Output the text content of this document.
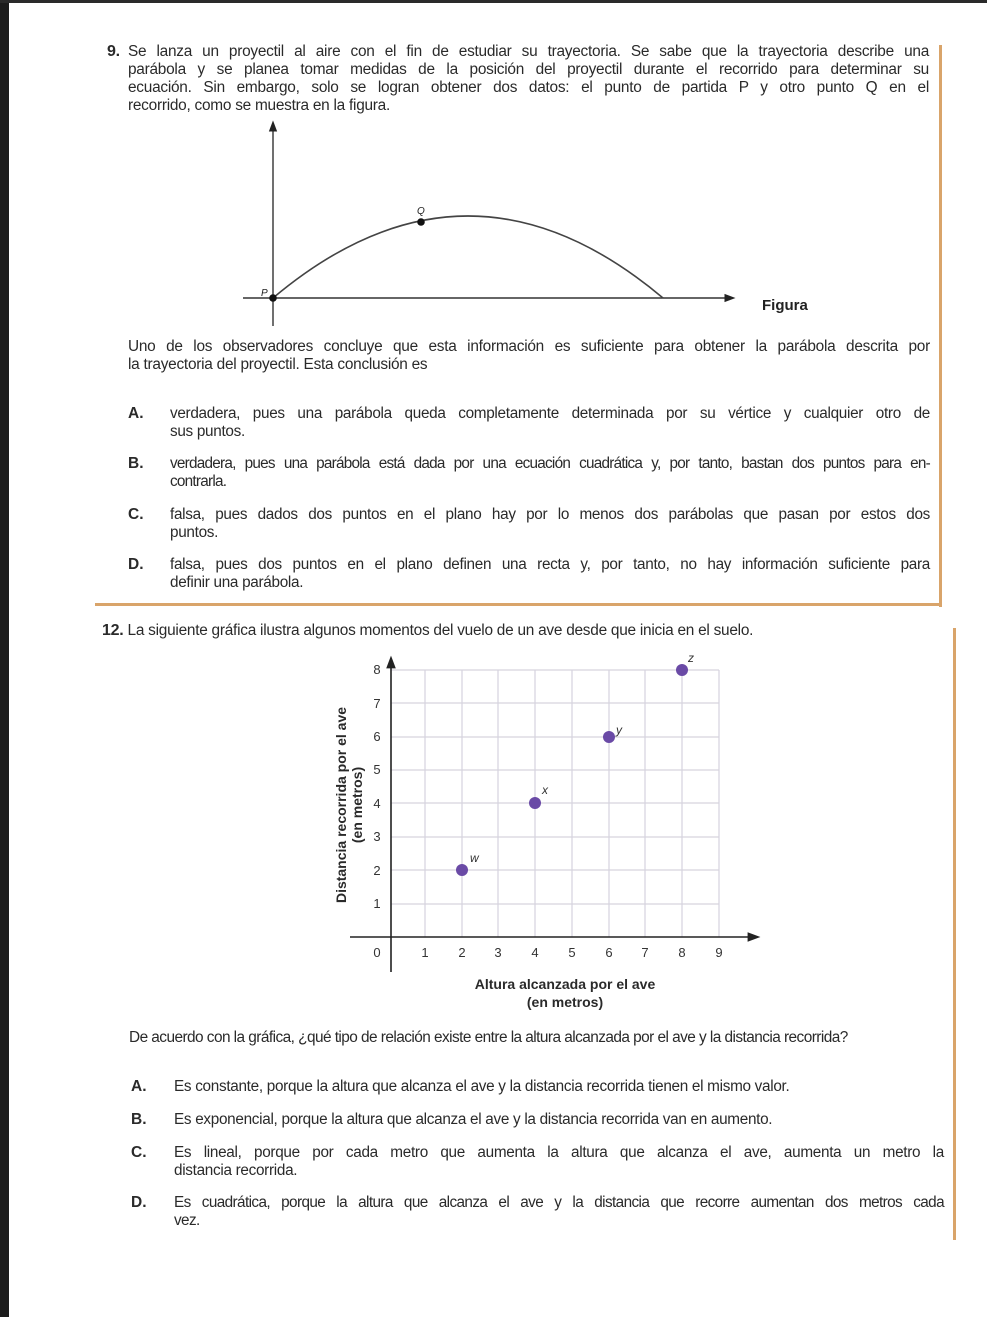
9. Se lanza un proyectil al aire con el fin de estudiar su trayectoria. Se sabe que la trayectoria describe una
parábola y se planea tomar medidas de la posición del proyectil durante el recorrido para determinar su
ecuación. Sin embargo, solo se logran obtener dos datos: el punto de partida P y otro punto Q en el
recorrido, como se muestra en la figura.
P
Q
Figura
Uno de los observadores concluye que esta información es suficiente para obtener la parábola descrita por
la trayectoria del proyectil. Esta conclusión es
A. verdadera, pues una parábola queda completamente determinada por su vértice y cualquier otro de
sus puntos.
B. verdadera, pues una parábola está dada por una ecuación cuadrática y, por tanto, bastan dos puntos para en-
contrarla.
C. falsa, pues dados dos puntos en el plano hay por lo menos dos parábolas que pasan por estos dos
puntos.
D. falsa, pues dos puntos en el plano definen una recta y, por tanto, no hay información suficiente para
definir una parábola.
12. La siguiente gráfica ilustra algunos momentos del vuelo de un ave desde que inicia en el suelo.
1
2
3
4
5
6
7
8
0	1 2 3 4 5 6 7 8 9
w
x
y
z
Altura alcanzada por el ave
(en metros)
Distancia recorrida por el ave (en metros)
De acuerdo con la gráfica, ¿qué tipo de relación existe entre la altura alcanzada por el ave y la distancia recorrida?
A. Es constante, porque la altura que alcanza el ave y la distancia recorrida tienen el mismo valor.
B. Es exponencial, porque la altura que alcanza el ave y la distancia recorrida van en aumento.
C. Es lineal, porque por cada metro que aumenta la altura que alcanza el ave, aumenta un metro la
distancia recorrida.
D. Es cuadrática, porque la altura que alcanza el ave y la distancia que recorre aumentan dos metros cada
vez.
